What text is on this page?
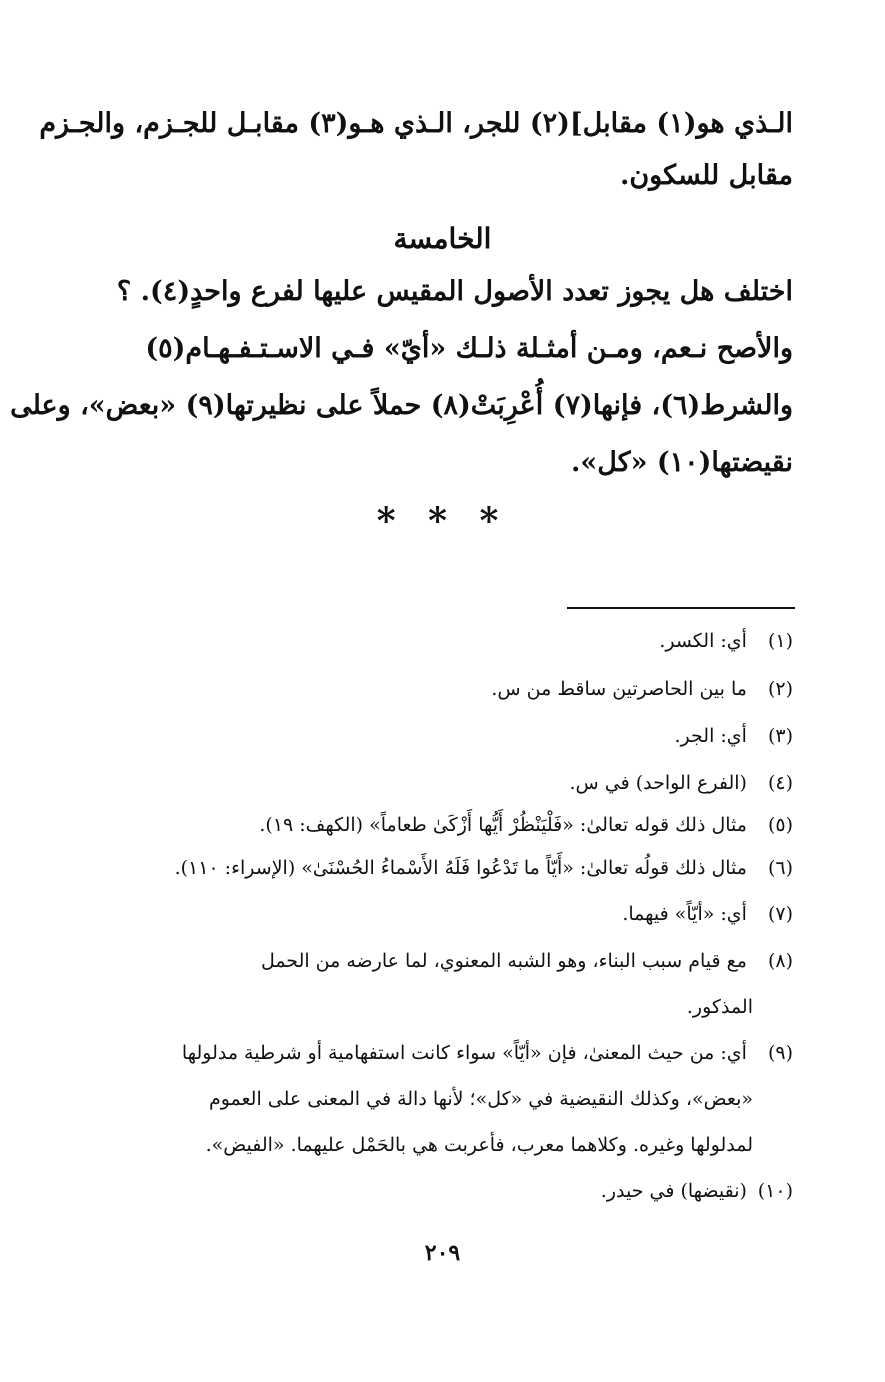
الـذي هو(١) مقابل](٢) للجر، الـذي هـو(٣) مقابـل للجـزم، والجـزم
مقابل للسكون.
الخامسة
اختلف هل يجوز تعدد الأصول المقيس عليها لفرع واحدٍ(٤). ؟
والأصح نـعم، ومـن أمثـلة ذلـك «أيّ» فـي الاسـتـفـهـام(٥)
والشرط(٦)، فإنها(٧) أُعْرِبَتْ(٨) حملاً على نظيرتها(٩) «بعض»، وعلى
نقيضتها(١٠) «كل».
* * *
(١) أي: الكسر.
(٢) ما بين الحاصرتين ساقط من س.
(٣) أي: الجر.
(٤) (الفرع الواحد) في س.
(٥) مثال ذلك قوله تعالىٰ: «فَلْيَنْظُرْ أَيُّها أَزْكَىٰ طعاماً» (الكهف: ١٩).
(٦) مثال ذلك قولُه تعالىٰ: «أَيّاً ما تَدْعُوا فَلَهُ الأَسْماءُ الحُسْنَىٰ» (الإسراء: ١١٠).
(٧) أي: «أيّاً» فيهما.
(٨) مع قيام سبب البناء، وهو الشبه المعنوي، لما عارضه من الحمل
المذكور.
(٩) أي: من حيث المعنىٰ، فإن «أيّاً» سواء كانت استفهامية أو شرطية مدلولها
«بعض»، وكذلك النقيضية في «كل»؛ لأنها دالة في المعنى على العموم
لمدلولها وغيره. وكلاهما معرب، فأعربت هي بالحَمْل عليهما. «الفيض».
(١٠) (نقيضها) في حيدر.
٢٠٩
